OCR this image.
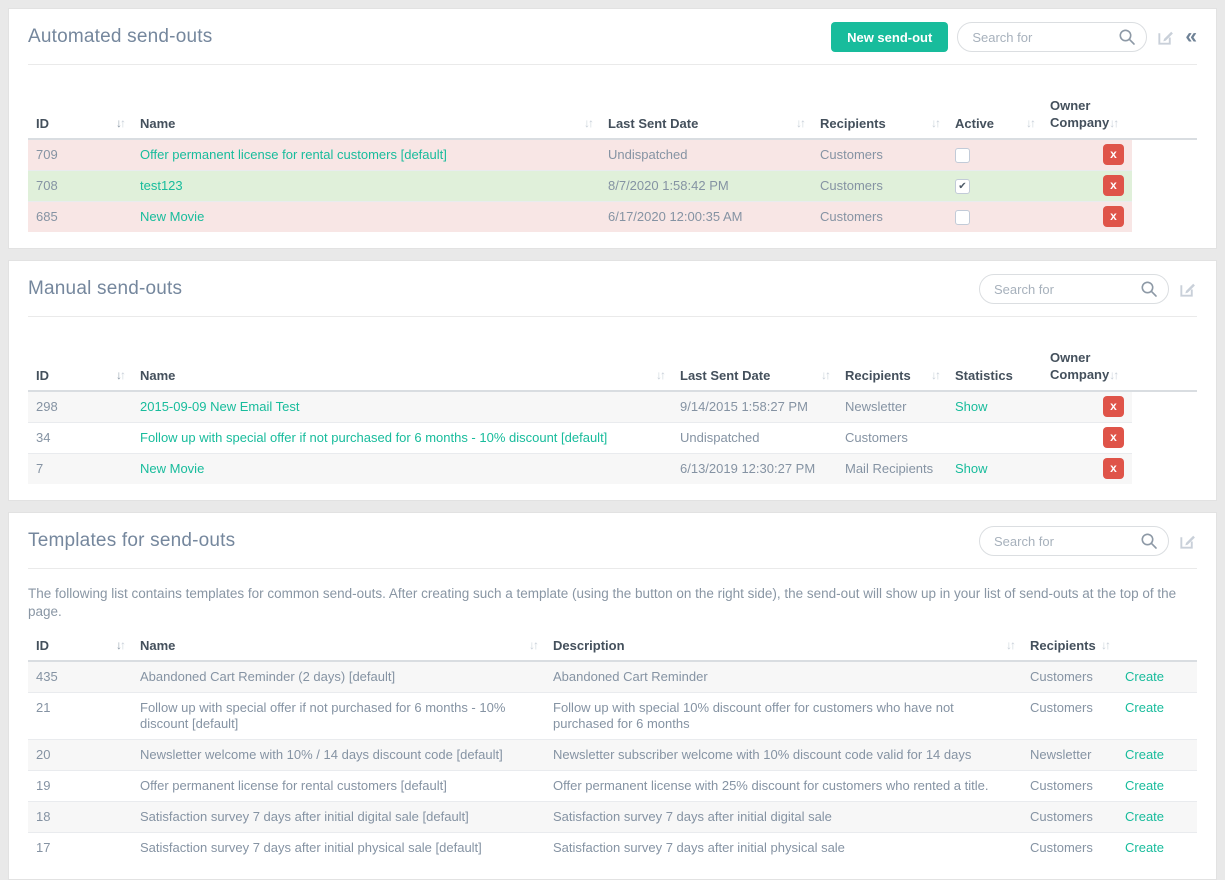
Automated send-outs	New send-out
Search for	«
ID ↓↑	Name ↓↑	Last Sent Date ↓↑	Recipients ↓↑	Active ↓↑	Owner Company↓↑	

709	Offer permanent license for rental customers [default]	Undispatched	Customers		x	
708	test123	8/7/2020 1:58:42 PM	Customers	✔	x	
685	New Movie	6/17/2020 12:00:35 AM	Customers		x	
Manual send-outs
Search for
ID ↓↑	Name ↓↑	Last Sent Date ↓↑	Recipients ↓↑	Statistics	Owner Company↓↑	

298	2015-09-09 New Email Test	9/14/2015 1:58:27 PM	Newsletter	Show	x	
34	Follow up with special offer if not purchased for 6 months - 10% discount [default]	Undispatched	Customers		x	
7	New Movie	6/13/2019 12:30:27 PM	Mail Recipients	Show	x	
Templates for send-outs
Search for
The following list contains templates for common send-outs. After creating such a template (using the button on the right side), the send-out will show up in your list of send-outs at the top of the page.
ID ↓↑	Name ↓↑	Description ↓↑	Recipients ↓↑	

435	Abandoned Cart Reminder (2 days) [default]	Abandoned Cart Reminder	Customers	Create
21	Follow up with special offer if not purchased for 6 months - 10% discount [default]	Follow up with special 10% discount offer for customers who have not purchased for 6 months	Customers	Create
20	Newsletter welcome with 10% / 14 days discount code [default]	Newsletter subscriber welcome with 10% discount code valid for 14 days	Newsletter	Create
19	Offer permanent license for rental customers [default]	Offer permanent license with 25% discount for customers who rented a title.	Customers	Create
18	Satisfaction survey 7 days after initial digital sale [default]	Satisfaction survey 7 days after initial digital sale	Customers	Create
17	Satisfaction survey 7 days after initial physical sale [default]	Satisfaction survey 7 days after initial physical sale	Customers	Create
